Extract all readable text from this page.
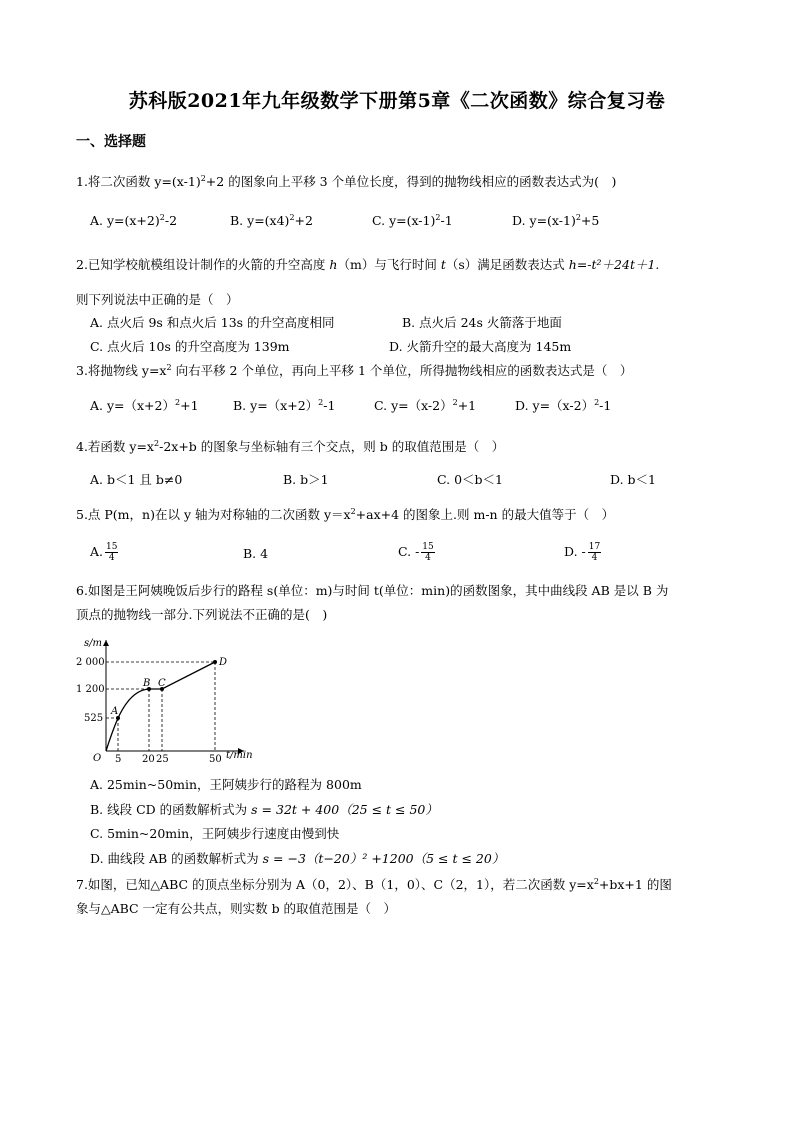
苏科版2021年九年级数学下册第5章《二次函数》综合复习卷
一、选择题
1.将二次函数 $y=(x-1)^2+2$ 的图象向上平移 3 个单位长度，得到的抛物线相应的函数表达式为(　)
A. $y=(x+2)^2-2$	B. $y=(x4)^2+2$	C. $y=(x-1)^2-1$	D. $y=(x-1)^2+5$
2.已知学校航模组设计制作的火箭的升空高度 h（m）与飞行时间 t（s）满足函数表达式 h=-t²＋24t＋1.
则下列说法中正确的是（　）
A. 点火后 9s 和点火后 13s 的升空高度相同	B. 点火后 24s 火箭落于地面
C. 点火后 10s 的升空高度为 139m	D. 火箭升空的最大高度为 145m
3.将抛物线 $y=x^2$ 向右平移 2 个单位，再向上平移 1 个单位，所得抛物线相应的函数表达式是（　）
A. $y=(x+2)^2+1$	B. $y=(x+2)^2-1$	C. $y=(x-2)^2+1$	D. $y=(x-2)^2-1$
4.若函数 $y=x^2-2x+b$ 的图象与坐标轴有三个交点，则 b 的取值范围是（　）
A. b＜1 且 b≠0	B. b＞1	C. 0＜b＜1	D. b＜1
5.点 P(m，n)在以 y 轴为对称轴的二次函数 $y=x^2+ax+4$ 的图象上.则 m-n 的最大值等于（　）
A. $\frac{15}{4}$	B. 4	C. - $\frac{15}{4}$	D. - $\frac{17}{4}$
6.如图是王阿姨晚饭后步行的路程 s(单位：m)与时间 t(单位：min)的函数图象，其中曲线段 AB 是以 B 为
顶点的抛物线一部分.下列说法不正确的是(　)
s/m
t/min
O
2 000
1 200
525
5 20 25	50
A
B C
D
A. 25min~50min，王阿姨步行的路程为 800m
B. 线段 CD 的函数解析式为 s = 32t + 400（25 ≤ t ≤ 50）
C. 5min~20min，王阿姨步行速度由慢到快
D. 曲线段 AB 的函数解析式为 s = −3（t−20）² +1200（5 ≤ t ≤ 20）
7.如图，已知△ABC 的顶点坐标分别为 A（0，2）、B（1，0）、C（2，1），若二次函数 $y=x^2+bx+1$ 的图
象与△ABC 一定有公共点，则实数 b 的取值范围是（　）
